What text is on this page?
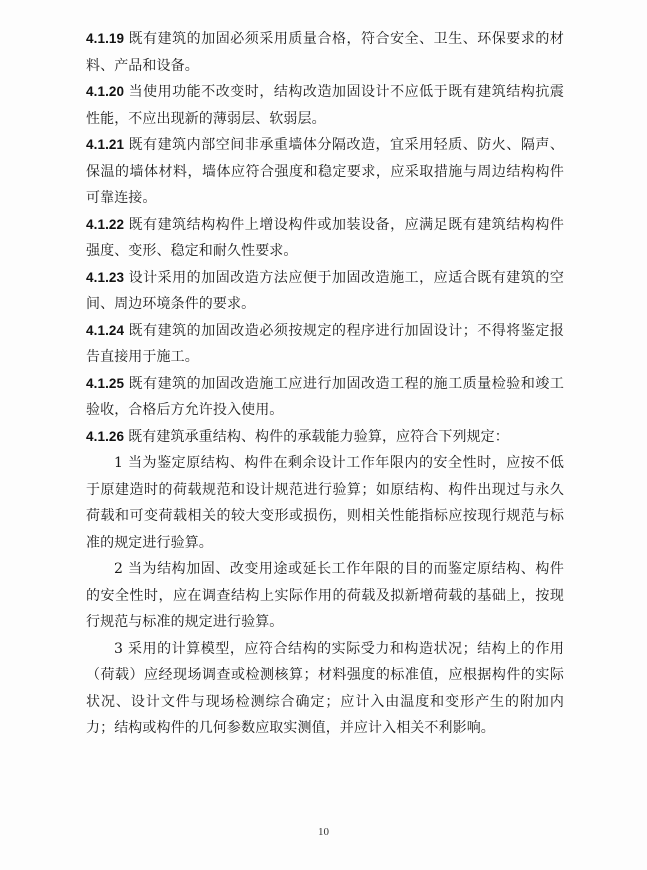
4.1.19 既有建筑的加固必须采用质量合格，符合安全、卫生、环保要求的材料、产品和设备。

4.1.20 当使用功能不改变时，结构改造加固设计不应低于既有建筑结构抗震性能，不应出现新的薄弱层、软弱层。

4.1.21 既有建筑内部空间非承重墙体分隔改造，宜采用轻质、防火、隔声、保温的墙体材料，墙体应符合强度和稳定要求，应采取措施与周边结构构件可靠连接。

4.1.22 既有建筑结构构件上增设构件或加装设备，应满足既有建筑结构构件强度、变形、稳定和耐久性要求。

4.1.23 设计采用的加固改造方法应便于加固改造施工，应适合既有建筑的空间、周边环境条件的要求。

4.1.24 既有建筑的加固改造必须按规定的程序进行加固设计；不得将鉴定报告直接用于施工。

4.1.25 既有建筑的加固改造施工应进行加固改造工程的施工质量检验和竣工验收，合格后方允许投入使用。

4.1.26 既有建筑承重结构、构件的承载能力验算，应符合下列规定：

1 当为鉴定原结构、构件在剩余设计工作年限内的安全性时，应按不低于原建造时的荷载规范和设计规范进行验算；如原结构、构件出现过与永久荷载和可变荷载相关的较大变形或损伤，则相关性能指标应按现行规范与标准的规定进行验算。

2 当为结构加固、改变用途或延长工作年限的目的而鉴定原结构、构件的安全性时，应在调查结构上实际作用的荷载及拟新增荷载的基础上，按现行规范与标准的规定进行验算。

3 采用的计算模型，应符合结构的实际受力和构造状况；结构上的作用（荷载）应经现场调查或检测核算；材料强度的标准值，应根据构件的实际状况、设计文件与现场检测综合确定；应计入由温度和变形产生的附加内力；结构或构件的几何参数应取实测值，并应计入相关不利影响。

10
